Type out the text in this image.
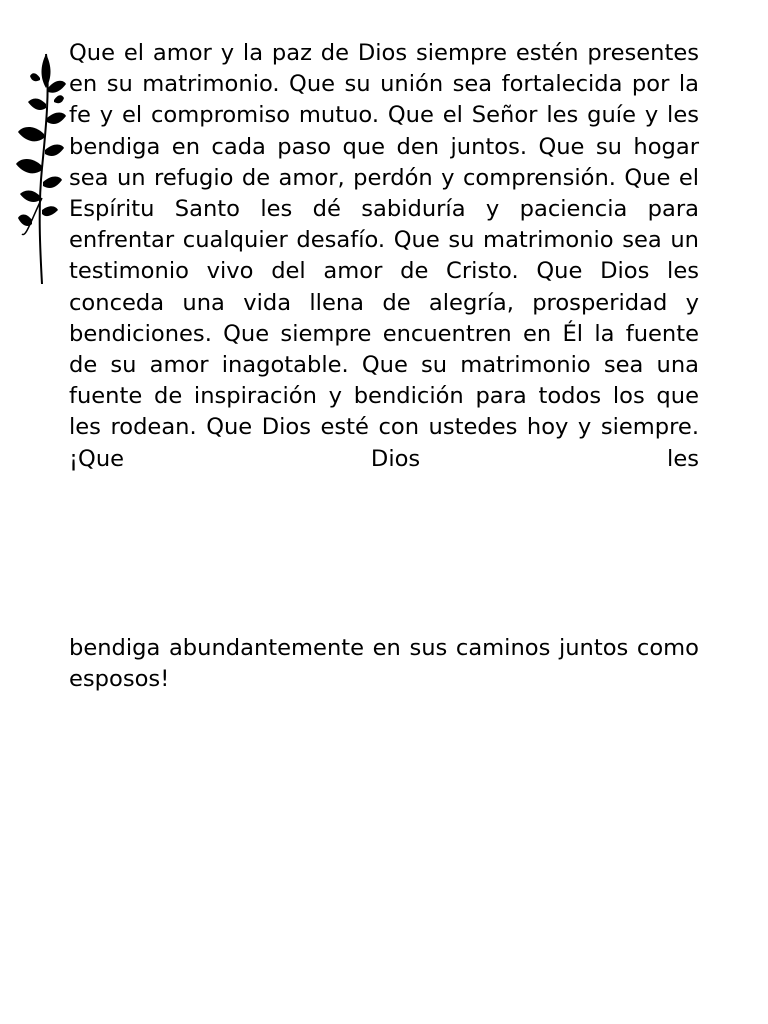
Que el amor y la paz de Dios siempre estén presentes en su matrimonio. Que su unión sea fortalecida por la fe y el compromiso mutuo. Que el Señor les guíe y les bendiga en cada paso que den juntos. Que su hogar sea un refugio de amor, perdón y comprensión. Que el Espíritu Santo les dé sabiduría y paciencia para enfrentar cualquier desafío. Que su matrimonio sea un testimonio vivo del amor de Cristo. Que Dios les conceda una vida llena de alegría, prosperidad y bendiciones. Que siempre encuentren en Él la fuente de su amor inagotable. Que su matrimonio sea una fuente de inspiración y bendición para todos los que les rodean. Que Dios esté con ustedes hoy y siempre. ¡Que Dios les

bendiga abundantemente en sus caminos juntos como esposos!
